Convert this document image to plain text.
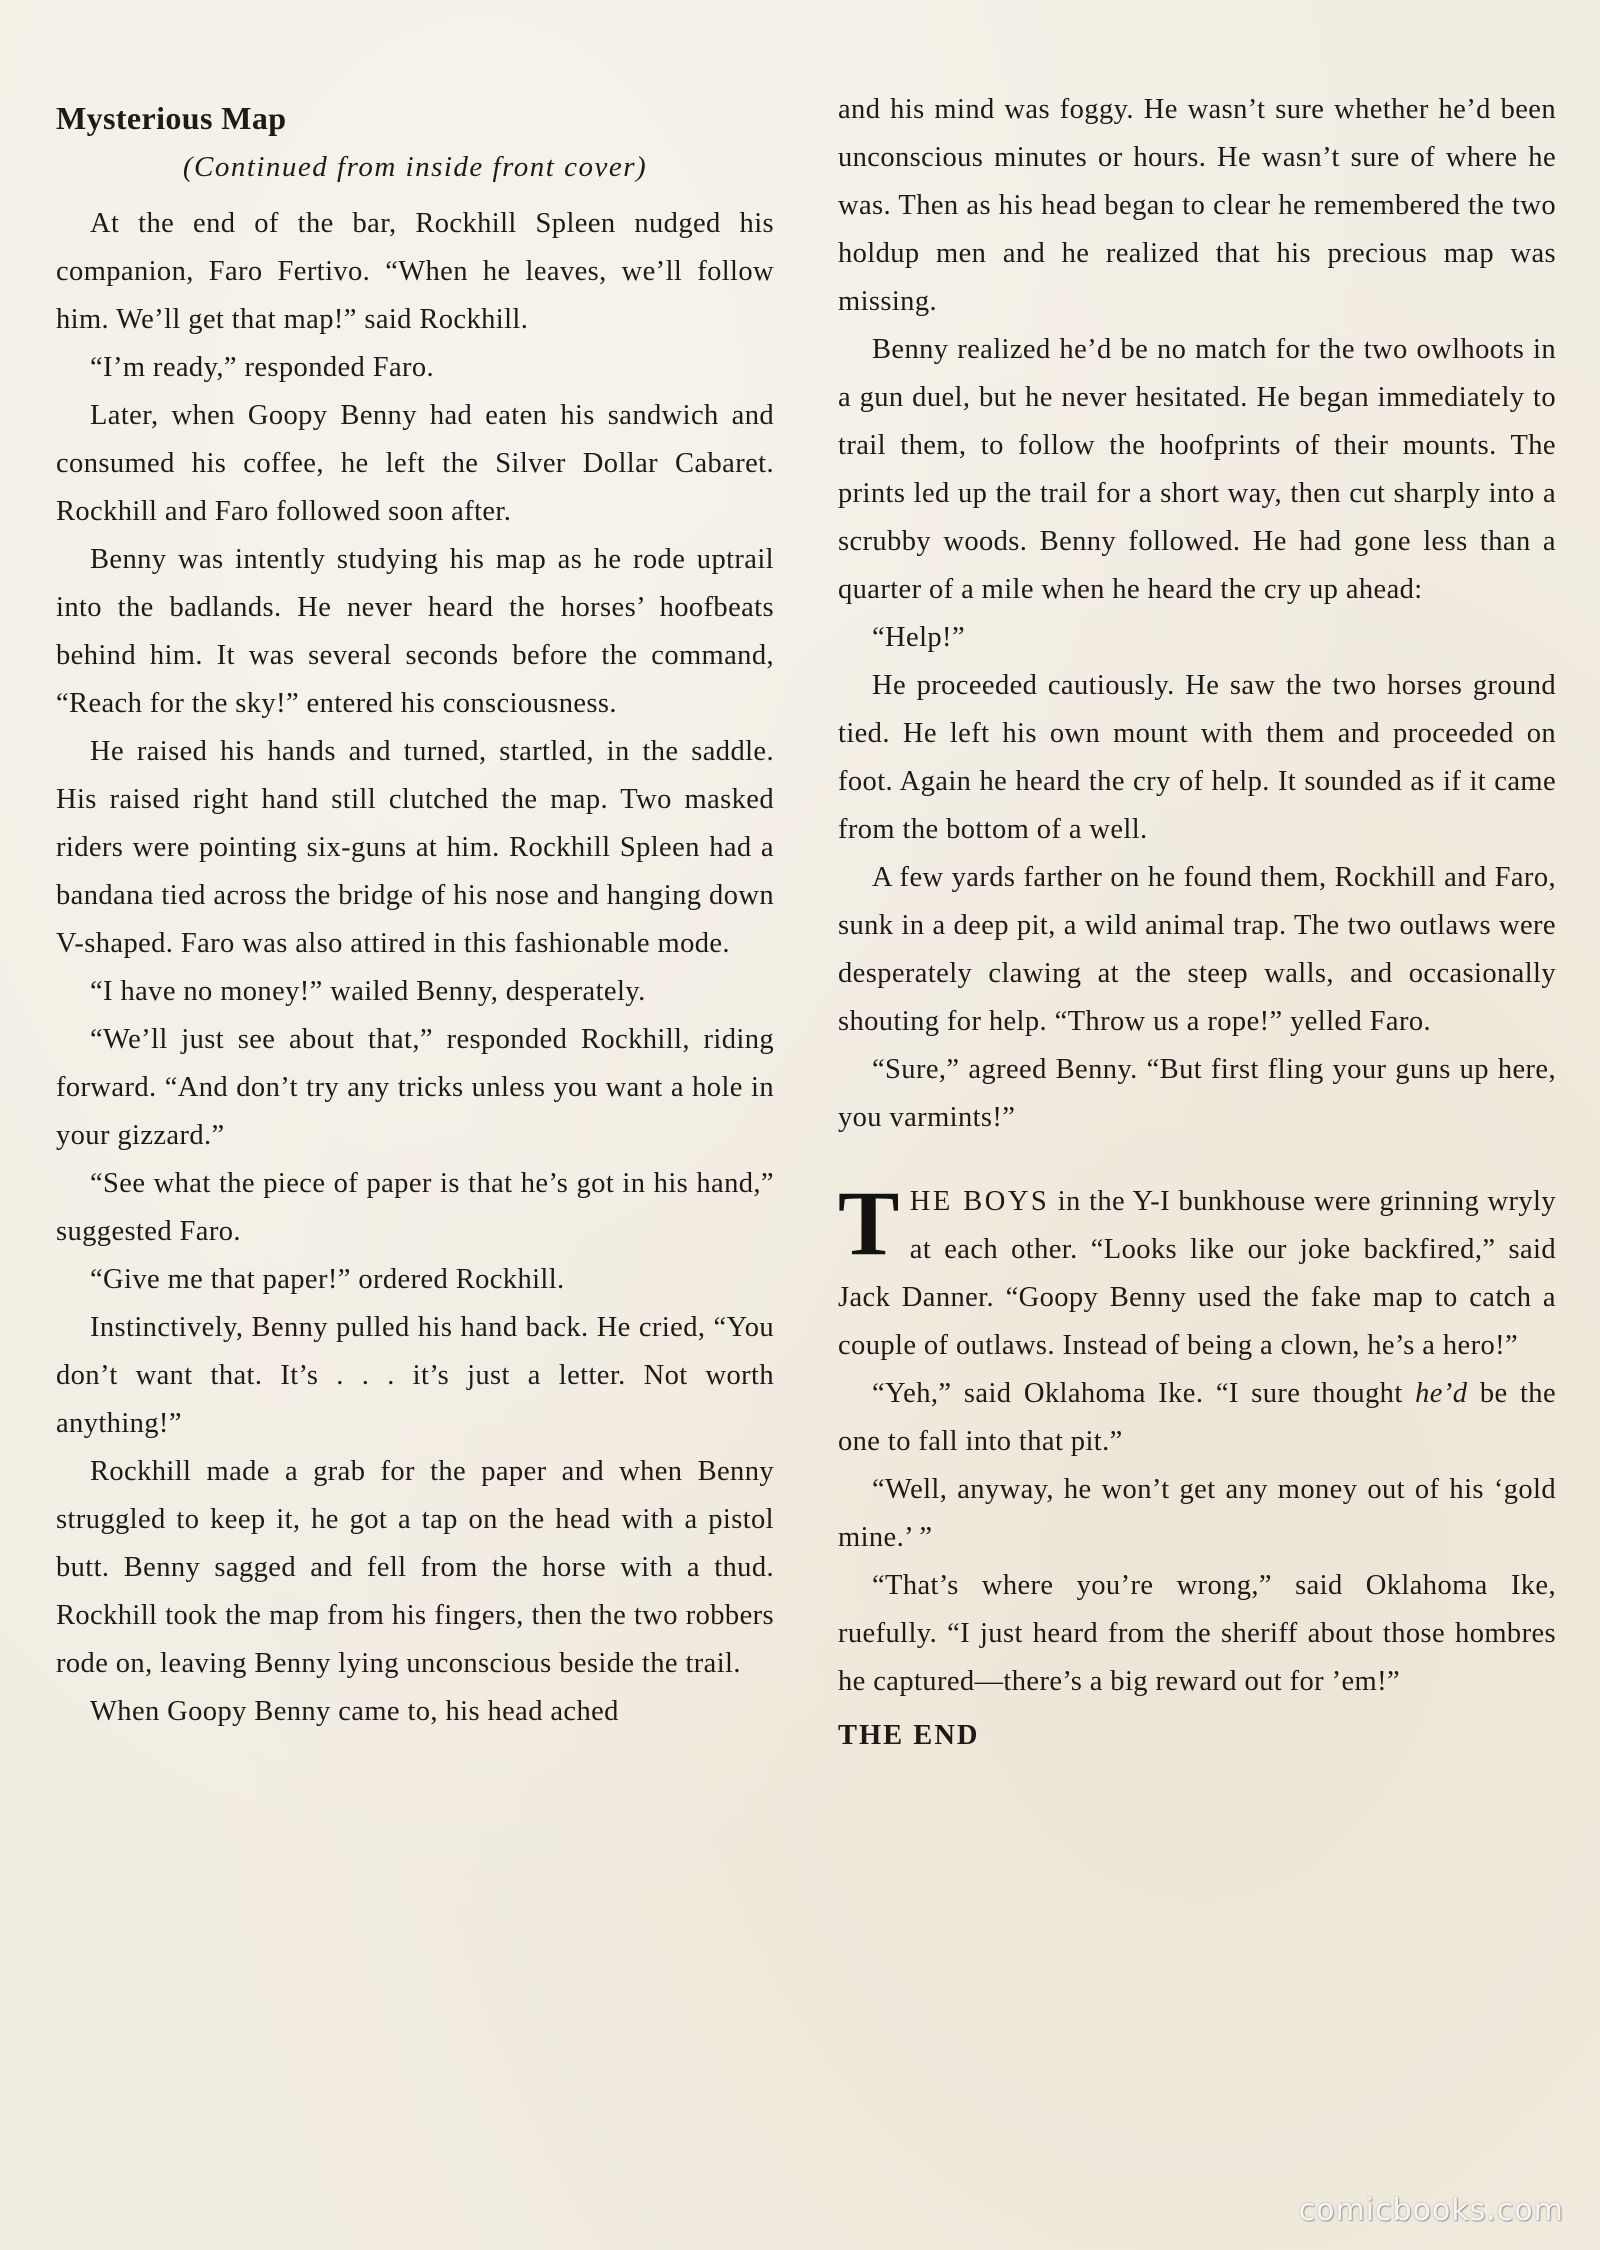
Mysterious Map

(Continued from inside front cover)

At the end of the bar, Rockhill Spleen nudged his companion, Faro Fertivo. “When he leaves, we’ll follow him. We’ll get that map!” said Rockhill.

“I’m ready,” responded Faro.

Later, when Goopy Benny had eaten his sandwich and consumed his coffee, he left the Silver Dollar Cabaret. Rockhill and Faro followed soon after.

Benny was intently studying his map as he rode uptrail into the badlands. He never heard the horses’ hoofbeats behind him. It was several seconds before the command, “Reach for the sky!” entered his consciousness.

He raised his hands and turned, startled, in the saddle. His raised right hand still clutched the map. Two masked riders were pointing six-guns at him. Rockhill Spleen had a bandana tied across the bridge of his nose and hanging down V-shaped. Faro was also attired in this fashionable mode.

“I have no money!” wailed Benny, desperately.

“We’ll just see about that,” responded Rockhill, riding forward. “And don’t try any tricks unless you want a hole in your gizzard.”

“See what the piece of paper is that he’s got in his hand,” suggested Faro.

“Give me that paper!” ordered Rockhill.

Instinctively, Benny pulled his hand back. He cried, “You don’t want that. It’s . . . it’s just a letter. Not worth anything!”

Rockhill made a grab for the paper and when Benny struggled to keep it, he got a tap on the head with a pistol butt. Benny sagged and fell from the horse with a thud. Rockhill took the map from his fingers, then the two robbers rode on, leaving Benny lying unconscious beside the trail.

When Goopy Benny came to, his head ached

and his mind was foggy. He wasn’t sure whether he’d been unconscious minutes or hours. He wasn’t sure of where he was. Then as his head began to clear he remembered the two holdup men and he realized that his precious map was missing.

Benny realized he’d be no match for the two owlhoots in a gun duel, but he never hesitated. He began immediately to trail them, to follow the hoofprints of their mounts. The prints led up the trail for a short way, then cut sharply into a scrubby woods. Benny followed. He had gone less than a quarter of a mile when he heard the cry up ahead:

“Help!”

He proceeded cautiously. He saw the two horses ground tied. He left his own mount with them and proceeded on foot. Again he heard the cry of help. It sounded as if it came from the bottom of a well.

A few yards farther on he found them, Rockhill and Faro, sunk in a deep pit, a wild animal trap. The two outlaws were desperately clawing at the steep walls, and occasionally shouting for help. “Throw us a rope!” yelled Faro.

“Sure,” agreed Benny. “But first fling your guns up here, you varmints!”

THE BOYS in the Y-I bunkhouse were grinning wryly at each other. “Looks like our joke backfired,” said Jack Danner. “Goopy Benny used the fake map to catch a couple of outlaws. Instead of being a clown, he’s a hero!”

“Yeh,” said Oklahoma Ike. “I sure thought he’d be the one to fall into that pit.”

“Well, anyway, he won’t get any money out of his ‘gold mine.’ ”

“That’s where you’re wrong,” said Oklahoma Ike, ruefully. “I just heard from the sheriff about those hombres he captured—there’s a big reward out for ’em!”

THE END

comicbooks.com
